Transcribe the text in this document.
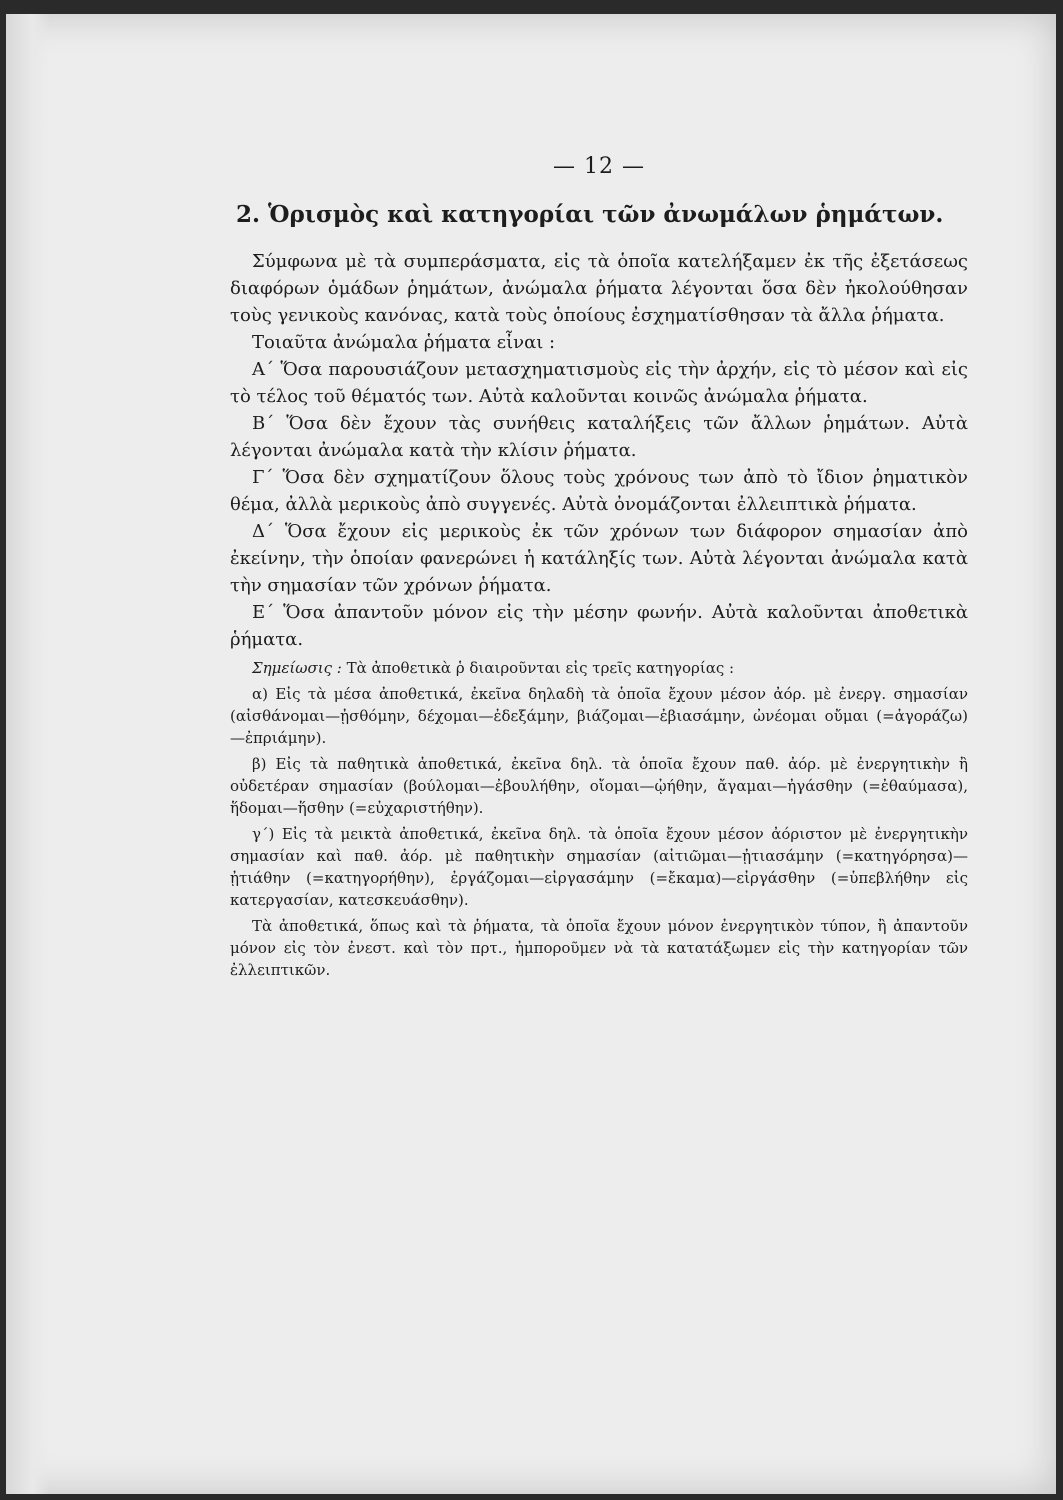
— 12 —
2. Ὁρισμὸς καὶ κατηγορίαι τῶν ἀνωμάλων ῥημάτων.

Σύμφωνα μὲ τὰ συμπεράσματα, εἰς τὰ ὁποῖα κατελήξαμεν ἐκ τῆς ἐξετάσεως διαφόρων ὁμάδων ῥημάτων, ἀνώμαλα ῥήματα λέγονται ὅσα δὲν ἠκολούθησαν τοὺς γενικοὺς κανόνας, κατὰ τοὺς ὁποίους ἐσχηματίσθησαν τὰ ἄλλα ῥήματα.

Τοιαῦτα ἀνώμαλα ῥήματα εἶναι :

Α΄ Ὅσα παρουσιάζουν μετασχηματισμοὺς εἰς τὴν ἀρχήν, εἰς τὸ μέσον καὶ εἰς τὸ τέλος τοῦ θέματός των. Αὐτὰ καλοῦνται κοινῶς ἀνώμαλα ῥήματα.

Β΄ Ὅσα δὲν ἔχουν τὰς συνήθεις καταλήξεις τῶν ἄλλων ῥημάτων. Αὐτὰ λέγονται ἀνώμαλα κατὰ τὴν κλίσιν ῥήματα.

Γ΄ Ὅσα δὲν σχηματίζουν ὅλους τοὺς χρόνους των ἀπὸ τὸ ἴδιον ῥηματικὸν θέμα, ἀλλὰ μερικοὺς ἀπὸ συγγενές. Αὐτὰ ὀνομάζονται ἐλλειπτικὰ ῥήματα.

Δ΄ Ὅσα ἔχουν εἰς μερικοὺς ἐκ τῶν χρόνων των διάφορον σημασίαν ἀπὸ ἐκείνην, τὴν ὁποίαν φανερώνει ἡ κατάληξίς των. Αὐτὰ λέγονται ἀνώμαλα κατὰ τὴν σημασίαν τῶν χρόνων ῥήματα.

Ε΄ Ὅσα ἀπαντοῦν μόνον εἰς τὴν μέσην φωνήν. Αὐτὰ καλοῦνται ἀποθετικὰ ῥήματα.

Σημείωσις : Τὰ ἀποθετικὰ ῥ διαιροῦνται εἰς τρεῖς κατηγορίας :

α) Εἰς τὰ μέσα ἀποθετικά, ἐκεῖνα δηλαδὴ τὰ ὁποῖα ἔχουν μέσον ἀόρ. μὲ ἐνεργ. σημασίαν (αἰσθάνομαι—ᾐσθόμην, δέχομαι—ἐδεξάμην, βιάζομαι—ἐβιασάμην, ὠνέομαι οὔμαι (=ἀγοράζω)—ἐπριάμην).

β) Εἰς τὰ παθητικὰ ἀποθετικά, ἐκεῖνα δηλ. τὰ ὁποῖα ἔχουν παθ. ἀόρ. μὲ ἐνεργητικὴν ἢ οὐδετέραν σημασίαν (βούλομαι—ἐβουλήθην, οἴομαι—ᾠήθην, ἄγαμαι—ἠγάσθην (=ἐθαύμασα), ἥδομαι—ἥσθην (=εὐχαριστήθην).

γ΄) Εἰς τὰ μεικτὰ ἀποθετικά, ἐκεῖνα δηλ. τὰ ὁποῖα ἔχουν μέσον ἀόριστον μὲ ἐνεργητικὴν σημασίαν καὶ παθ. ἀόρ. μὲ παθητικὴν σημασίαν (αἰτιῶμαι—ᾐτιασάμην (=κατηγόρησα)—ᾐτιάθην (=κατηγορήθην), ἐργάζομαι—εἰργασάμην (=ἔκαμα)—εἰργάσθην (=ὑπεβλήθην εἰς κατεργασίαν, κατεσκευάσθην).

Τὰ ἀποθετικά, ὅπως καὶ τὰ ῥήματα, τὰ ὁποῖα ἔχουν μόνον ἐνεργητικὸν τύπον, ἢ ἀπαντοῦν μόνον εἰς τὸν ἐνεστ. καὶ τὸν πρτ., ἠμποροῦμεν νὰ τὰ κατατάξωμεν εἰς τὴν κατηγορίαν τῶν ἐλλειπτικῶν.
